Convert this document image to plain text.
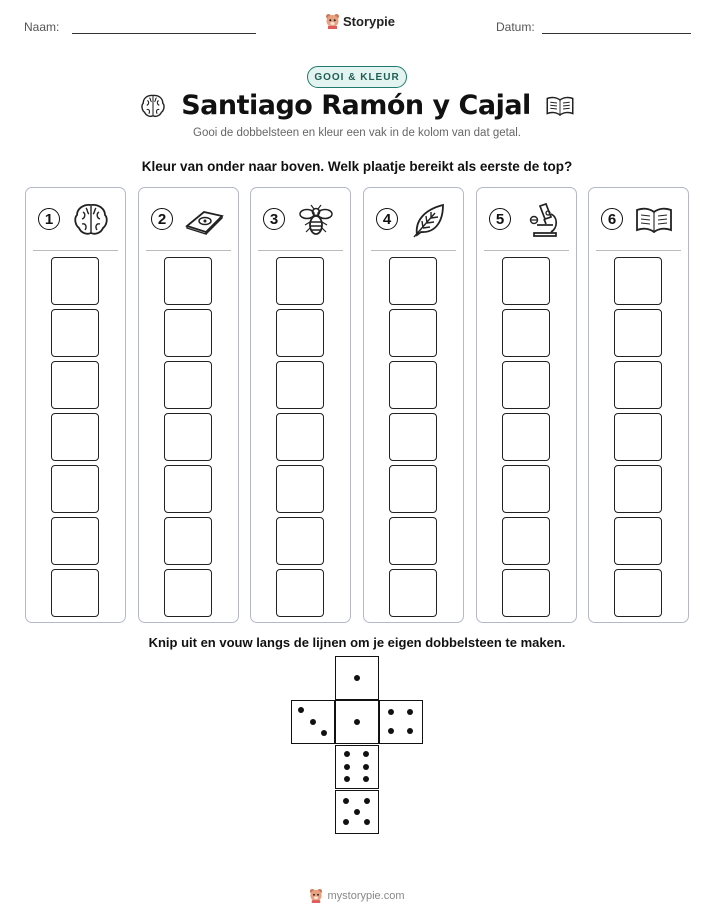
Naam:	Storypie	Datum:
GOOI & KLEUR
Santiago Ramón y Cajal
Gooi de dobbelsteen en kleur een vak in de kolom van dat getal.
Kleur van onder naar boven. Welk plaatje bereikt als eerste de top?
1	2	3	4	5	6
Knip uit en vouw langs de lijnen om je eigen dobbelsteen te maken.
mystorypie.com
